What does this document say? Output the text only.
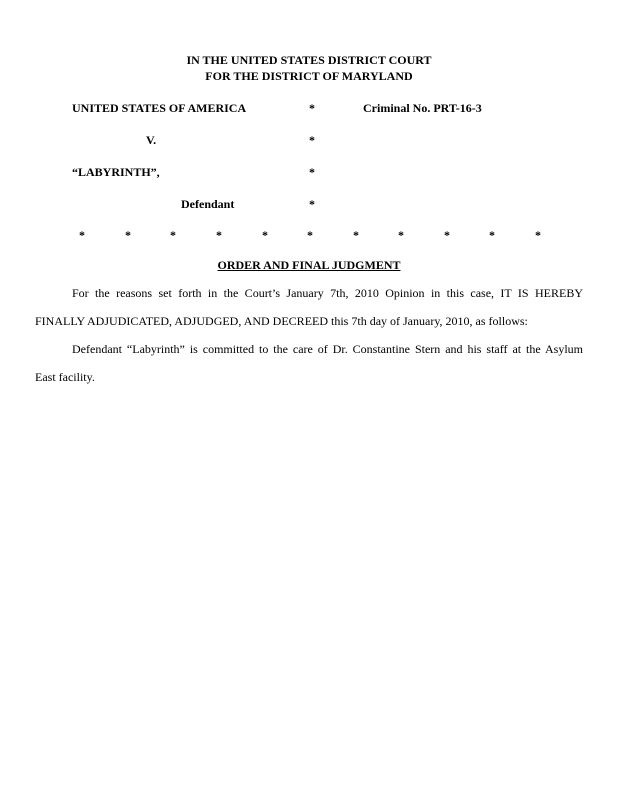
IN THE UNITED STATES DISTRICT COURT
FOR THE DISTRICT OF MARYLAND
UNITED STATES OF AMERICA	*	Criminal No. PRT-16-3
V.	*
“LABYRINTH”,	*
Defendant	*
*	*	*	*	*	*	*	*	*	*	*
ORDER AND FINAL JUDGMENT
For the reasons set forth in the Court’s January 7th, 2010 Opinion in this case, IT IS HEREBY
FINALLY ADJUDICATED, ADJUDGED, AND DECREED this 7th day of January, 2010, as follows:
Defendant “Labyrinth” is committed to the care of Dr. Constantine Stern and his staff at the Asylum
East facility.
